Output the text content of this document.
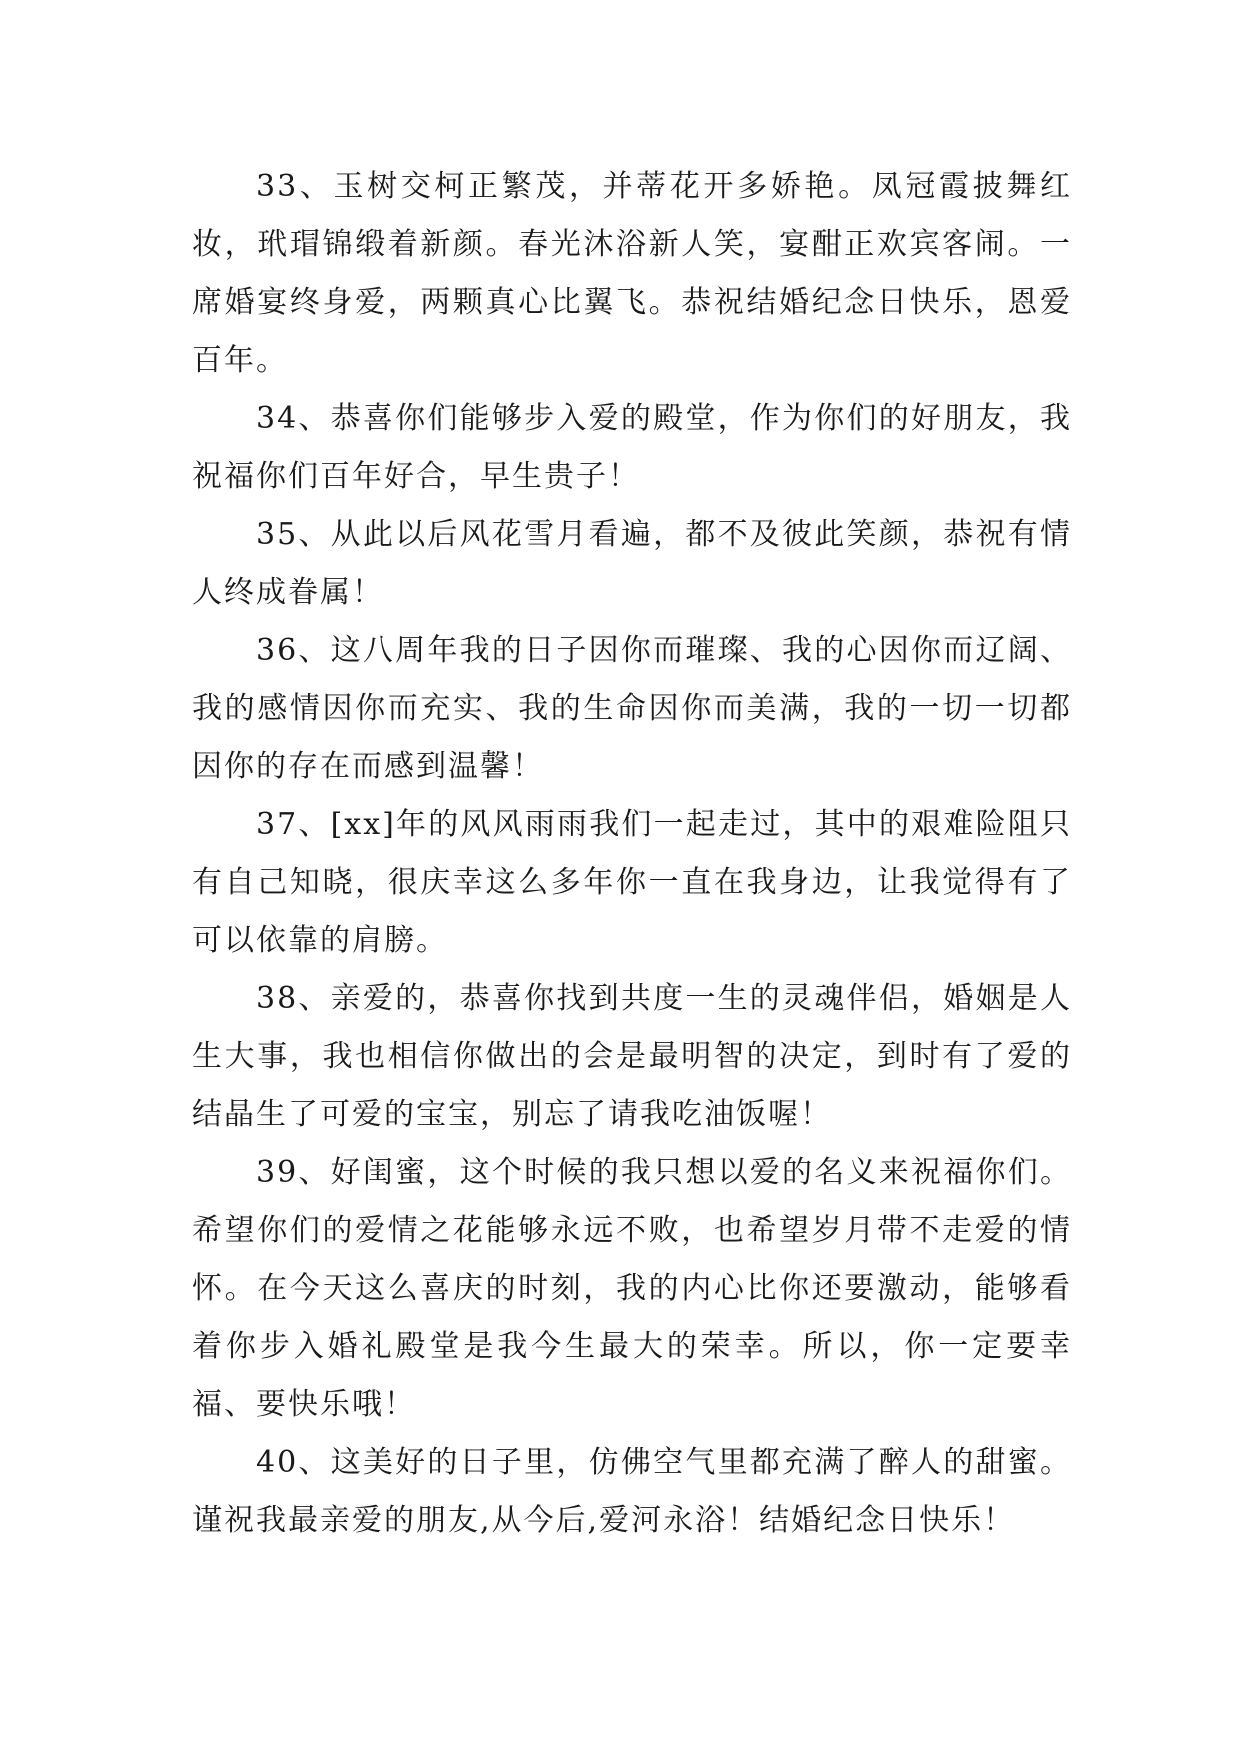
33、玉树交柯正繁茂，并蒂花开多娇艳。凤冠霞披舞红妆，玳瑁锦缎着新颜。春光沐浴新人笑，宴酣正欢宾客闹。一席婚宴终身爱，两颗真心比翼飞。恭祝结婚纪念日快乐，恩爱百年。

34、恭喜你们能够步入爱的殿堂，作为你们的好朋友，我祝福你们百年好合，早生贵子！

35、从此以后风花雪月看遍，都不及彼此笑颜，恭祝有情人终成眷属！

36、这八周年我的日子因你而璀璨、我的心因你而辽阔、我的感情因你而充实、我的生命因你而美满，我的一切一切都因你的存在而感到温馨！

37、[xx]年的风风雨雨我们一起走过，其中的艰难险阻只有自己知晓，很庆幸这么多年你一直在我身边，让我觉得有了可以依靠的肩膀。

38、亲爱的，恭喜你找到共度一生的灵魂伴侣，婚姻是人生大事，我也相信你做出的会是最明智的决定，到时有了爱的结晶生了可爱的宝宝，别忘了请我吃油饭喔！

39、好闺蜜，这个时候的我只想以爱的名义来祝福你们。希望你们的爱情之花能够永远不败，也希望岁月带不走爱的情怀。在今天这么喜庆的时刻，我的内心比你还要激动，能够看着你步入婚礼殿堂是我今生最大的荣幸。所以，你一定要幸福、要快乐哦！

40、这美好的日子里，仿佛空气里都充满了醉人的甜蜜。谨祝我最亲爱的朋友,从今后,爱河永浴！结婚纪念日快乐！
